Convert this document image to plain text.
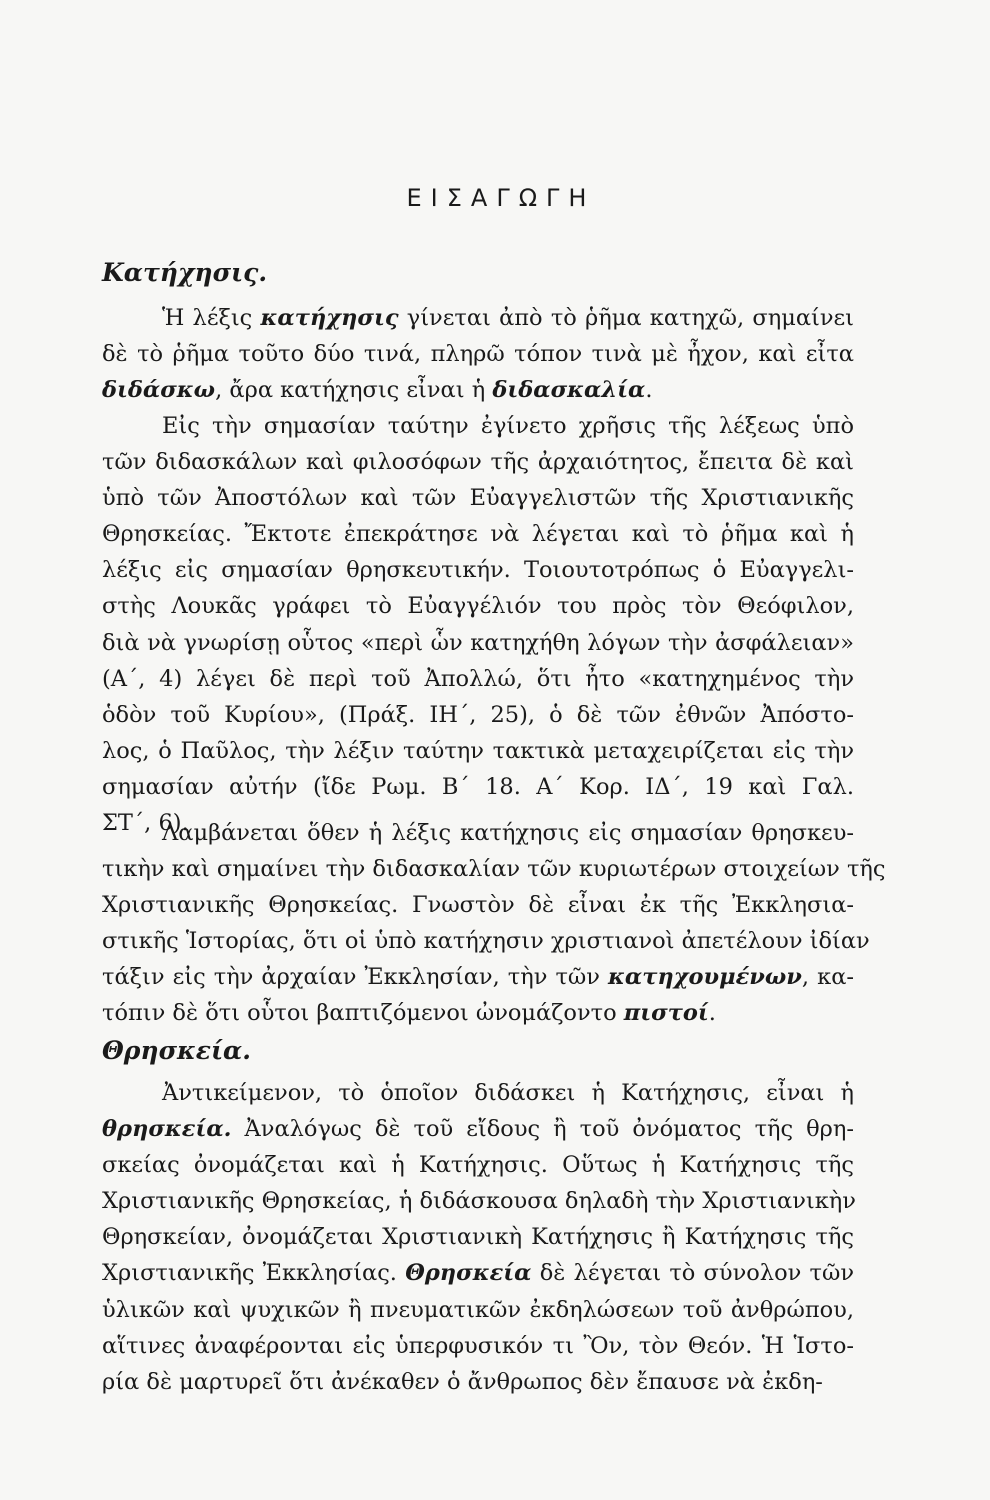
ΕΙΣΑΓΩΓΗ
Κατήχησις.
Ἡ λέξις κατήχησις γίνεται ἀπὸ τὸ ῥῆμα κατηχῶ, σημαίνει
δὲ τὸ ῥῆμα τοῦτο δύο τινά, πληρῶ τόπον τινὰ μὲ ἦχον, καὶ εἶτα
διδάσκω, ἄρα κατήχησις εἶναι ἡ διδασκαλία.
Εἰς τὴν σημασίαν ταύτην ἐγίνετο χρῆσις τῆς λέξεως ὑπὸ
τῶν διδασκάλων καὶ φιλοσόφων τῆς ἀρχαιότητος, ἔπειτα δὲ καὶ
ὑπὸ τῶν Ἀποστόλων καὶ τῶν Εὐαγγελιστῶν τῆς Χριστιανικῆς
Θρησκείας. Ἔκτοτε ἐπεκράτησε νὰ λέγεται καὶ τὸ ῥῆμα καὶ ἡ
λέξις εἰς σημασίαν θρησκευτικήν. Τοιουτοτρόπως ὁ Εὐαγγελι-
στὴς Λουκᾶς γράφει τὸ Εὐαγγέλιόν του πρὸς τὸν Θεόφιλον,
διὰ νὰ γνωρίσῃ οὗτος «περὶ ὧν κατηχήθη λόγων τὴν ἀσφάλειαν»
(Α΄, 4) λέγει δὲ περὶ τοῦ Ἀπολλώ, ὅτι ἦτο «κατηχημένος τὴν
ὁδὸν τοῦ Κυρίου», (Πράξ. ΙΗ΄, 25), ὁ δὲ τῶν ἐθνῶν Ἀπόστο-
λος, ὁ Παῦλος, τὴν λέξιν ταύτην τακτικὰ μεταχειρίζεται εἰς τὴν
σημασίαν αὐτήν (ἴδε Ρωμ. Β΄ 18. Α΄ Κορ. ΙΔ΄, 19 καὶ Γαλ.
ΣΤ΄, 6).
Λαμβάνεται ὅθεν ἡ λέξις κατήχησις εἰς σημασίαν θρησκευ-
τικὴν καὶ σημαίνει τὴν διδασκαλίαν τῶν κυριωτέρων στοιχείων τῆς
Χριστιανικῆς Θρησκείας. Γνωστὸν δὲ εἶναι ἐκ τῆς Ἐκκλησια-
στικῆς Ἱστορίας, ὅτι οἱ ὑπὸ κατήχησιν χριστιανοὶ ἀπετέλουν ἰδίαν
τάξιν εἰς τὴν ἀρχαίαν Ἐκκλησίαν, τὴν τῶν κατηχουμένων, κα-
τόπιν δὲ ὅτι οὗτοι βαπτιζόμενοι ὠνομάζοντο πιστοί.
Θρησκεία.
Ἀντικείμενον, τὸ ὁποῖον διδάσκει ἡ Κατήχησις, εἶναι ἡ
θρησκεία. Ἀναλόγως δὲ τοῦ εἴδους ἢ τοῦ ὀνόματος τῆς θρη-
σκείας ὀνομάζεται καὶ ἡ Κατήχησις. Οὕτως ἡ Κατήχησις τῆς
Χριστιανικῆς Θρησκείας, ἡ διδάσκουσα δηλαδὴ τὴν Χριστιανικὴν
Θρησκείαν, ὀνομάζεται Χριστιανικὴ Κατήχησις ἢ Κατήχησις τῆς
Χριστιανικῆς Ἐκκλησίας. Θρησκεία δὲ λέγεται τὸ σύνολον τῶν
ὑλικῶν καὶ ψυχικῶν ἢ πνευματικῶν ἐκδηλώσεων τοῦ ἀνθρώπου,
αἵτινες ἀναφέρονται εἰς ὑπερφυσικόν τι Ὂν, τὸν Θεόν. Ἡ Ἱστο-
ρία δὲ μαρτυρεῖ ὅτι ἀνέκαθεν ὁ ἄνθρωπος δὲν ἔπαυσε νὰ ἐκδη-
